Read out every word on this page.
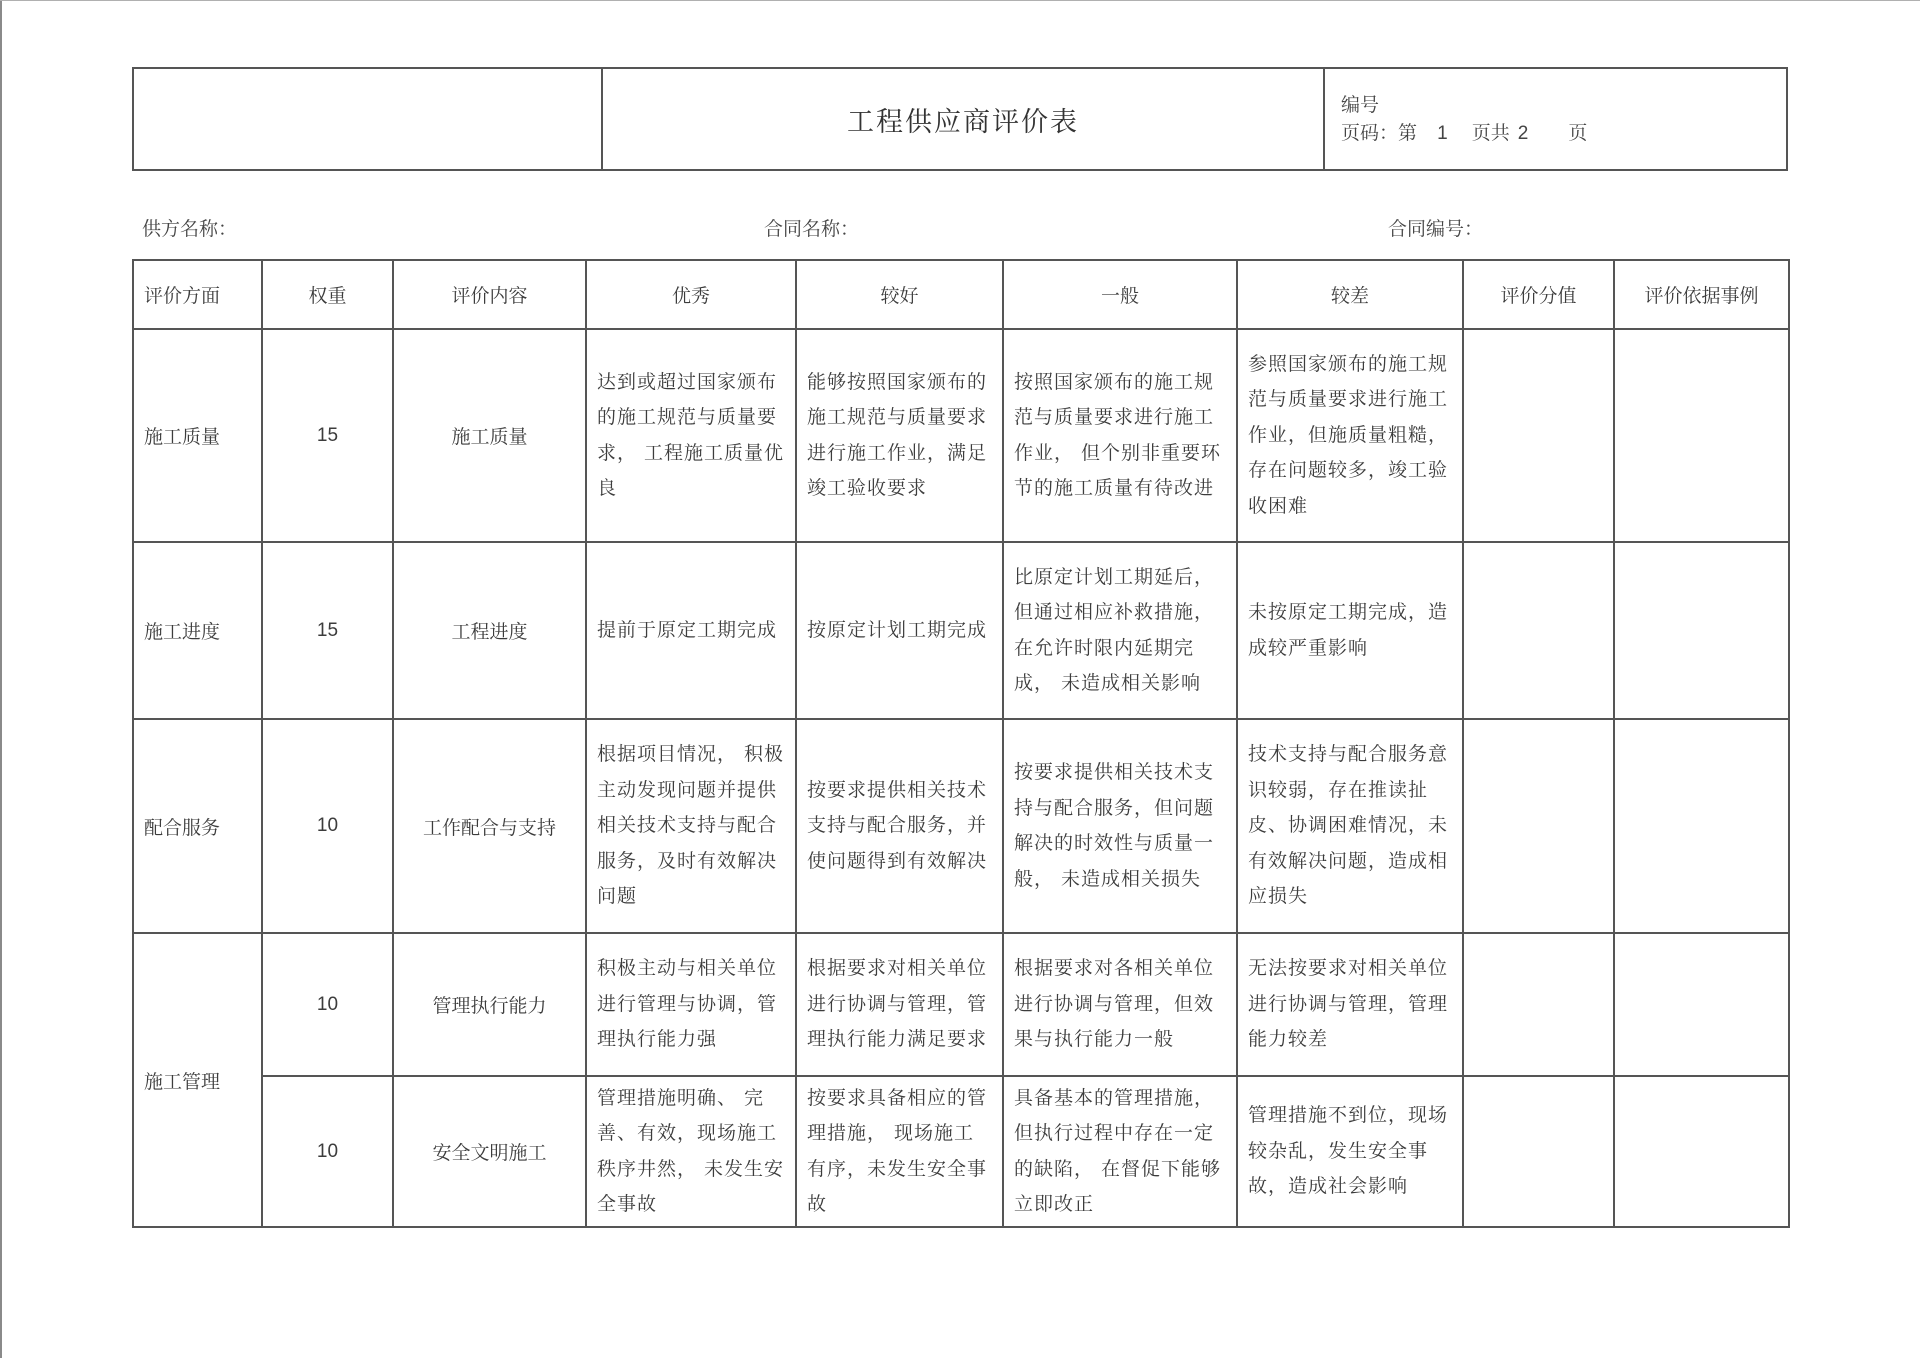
工程供应商评价表
编号
页码：第 1 页共 2 页
供方名称：	合同名称：	合同编号：
评价方面	权重	评价内容	优秀	较好	一般	较差	评价分值	评价依据事例
施工质量	15	施工质量	达到或超过国家颁布的施工规范与质量要求， 工程施工质量优良	能够按照国家颁布的施工规范与质量要求进行施工作业，满足竣工验收要求	按照国家颁布的施工规范与质量要求进行施工作业， 但个别非重要环节的施工质量有待改进	参照国家颁布的施工规范与质量要求进行施工作业，但施质量粗糙，存在问题较多，竣工验收困难		
施工进度	15	工程进度	提前于原定工期完成	按原定计划工期完成	比原定计划工期延后，但通过相应补救措施，在允许时限内延期完成， 未造成相关影响	未按原定工期完成，造成较严重影响		
配合服务	10	工作配合与支持	根据项目情况， 积极主动发现问题并提供相关技术支持与配合服务，及时有效解决问题	按要求提供相关技术支持与配合服务，并使问题得到有效解决	按要求提供相关技术支持与配合服务，但问题解决的时效性与质量一般， 未造成相关损失	技术支持与配合服务意识较弱，存在推读扯皮、协调困难情况，未有效解决问题，造成相应损失		
施工管理	10	管理执行能力	积极主动与相关单位进行管理与协调，管理执行能力强	根据要求对相关单位进行协调与管理，管理执行能力满足要求	根据要求对各相关单位进行协调与管理，但效果与执行能力一般	无法按要求对相关单位进行协调与管理，管理能力较差		
	10	安全文明施工	管理措施明确、 完善、有效，现场施工秩序井然， 未发生安全事故	按要求具备相应的管理措施， 现场施工有序，未发生安全事故	具备基本的管理措施，但执行过程中存在一定的缺陷， 在督促下能够立即改正	管理措施不到位，现场较杂乱，发生安全事故，造成社会影响		
